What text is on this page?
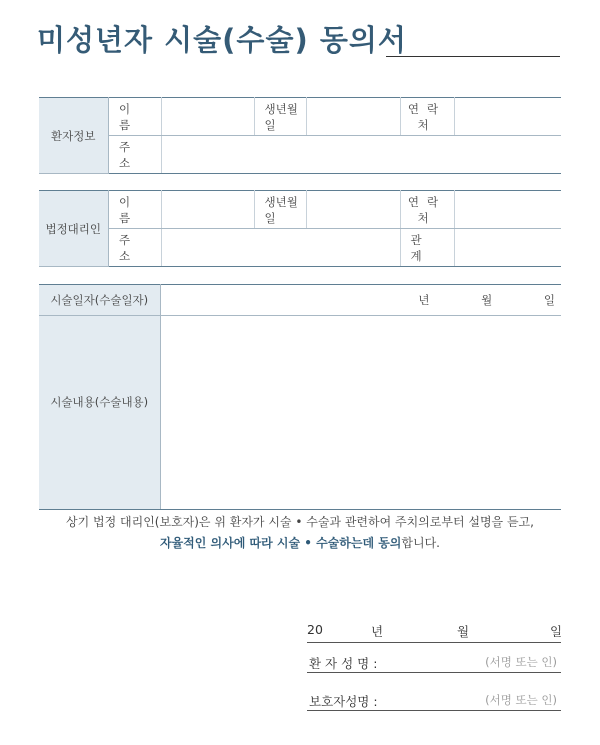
미성년자 시술(수술) 동의서
환자정보	이 름		생년월일		연락처	
	주 소					
법정대리인	이 름		생년월일		연락처	
	주 소				관 계	
시술일자(수술일자)	년 월 일
시술내용(수술내용)	
상기 법정 대리인(보호자)은 위 환자가 시술 • 수술과 관련하여 주치의로부터 설명을 듣고,
자율적인 의사에 따라 시술 • 수술하는데 동의합니다.
20	년	월	일
환 자 성 명 :	(서명 또는 인)
보호자성명 :	(서명 또는 인)
